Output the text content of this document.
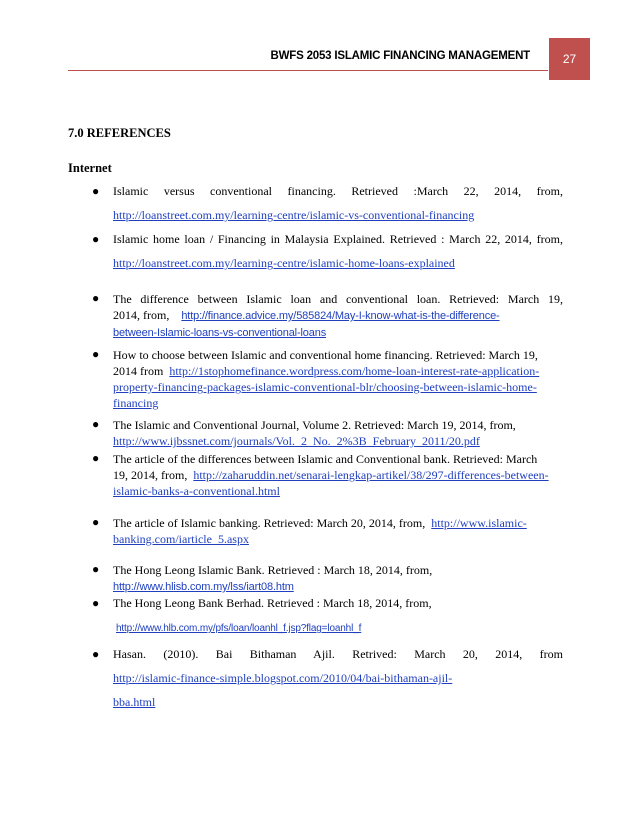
BWFS 2053 ISLAMIC FINANCING MANAGEMENT	27
7.0 REFERENCES
Internet
● Islamic versus conventional financing. Retrieved :March 22, 2014, from,
http://loanstreet.com.my/learning-centre/islamic-vs-conventional-financing
● Islamic home loan / Financing in Malaysia Explained. Retrieved : March 22, 2014, from,
http://loanstreet.com.my/learning-centre/islamic-home-loans-explained
● The difference between Islamic loan and conventional loan. Retrieved: March 19,
2014, from, http://finance.advice.my/585824/May-I-know-what-is-the-difference-
between-Islamic-loans-vs-conventional-loans
● How to choose between Islamic and conventional home financing. Retrieved: March 19,
2014 from http://1stophomefinance.wordpress.com/home-loan-interest-rate-application-
property-financing-packages-islamic-conventional-blr/choosing-between-islamic-home-
financing
● The Islamic and Conventional Journal, Volume 2. Retrieved: March 19, 2014, from,
http://www.ijbssnet.com/journals/Vol._2_No._2%3B_February_2011/20.pdf
● The article of the differences between Islamic and Conventional bank. Retrieved: March
19, 2014, from, http://zaharuddin.net/senarai-lengkap-artikel/38/297-differences-between-
islamic-banks-a-conventional.html
● The article of Islamic banking. Retrieved: March 20, 2014, from, http://www.islamic-
banking.com/iarticle_5.aspx
● The Hong Leong Islamic Bank. Retrieved : March 18, 2014, from,
http://www.hlisb.com.my/lss/iart08.htm
● The Hong Leong Bank Berhad. Retrieved : March 18, 2014, from,
http://www.hlb.com.my/pfs/loan/loanhl_f.jsp?flag=loanhl_f
● Hasan. (2010). Bai Bithaman Ajil. Retrived: March 20, 2014, from
http://islamic-finance-simple.blogspot.com/2010/04/bai-bithaman-ajil-
bba.html
